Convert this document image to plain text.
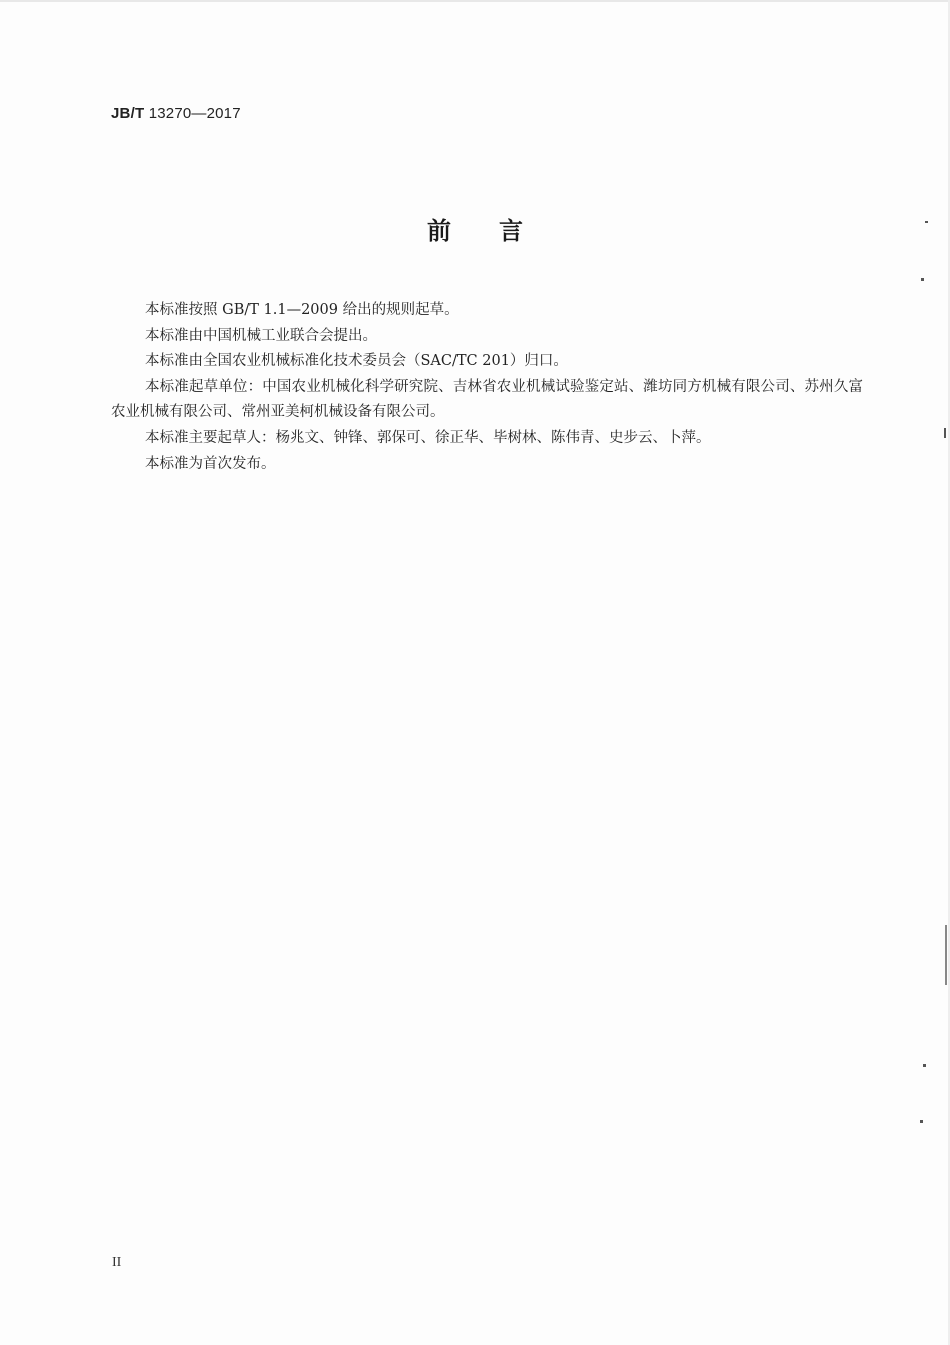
JB/T 13270—2017
前言

本标准按照 GB/T 1.1—2009 给出的规则起草。

本标准由中国机械工业联合会提出。

本标准由全国农业机械标准化技术委员会（SAC/TC 201）归口。

本标准起草单位：中国农业机械化科学研究院、吉林省农业机械试验鉴定站、潍坊同方机械有限公司、苏州久富农业机械有限公司、常州亚美柯机械设备有限公司。

本标准主要起草人：杨兆文、钟锋、郭保可、徐正华、毕树林、陈伟青、史步云、卜萍。

本标准为首次发布。

II
